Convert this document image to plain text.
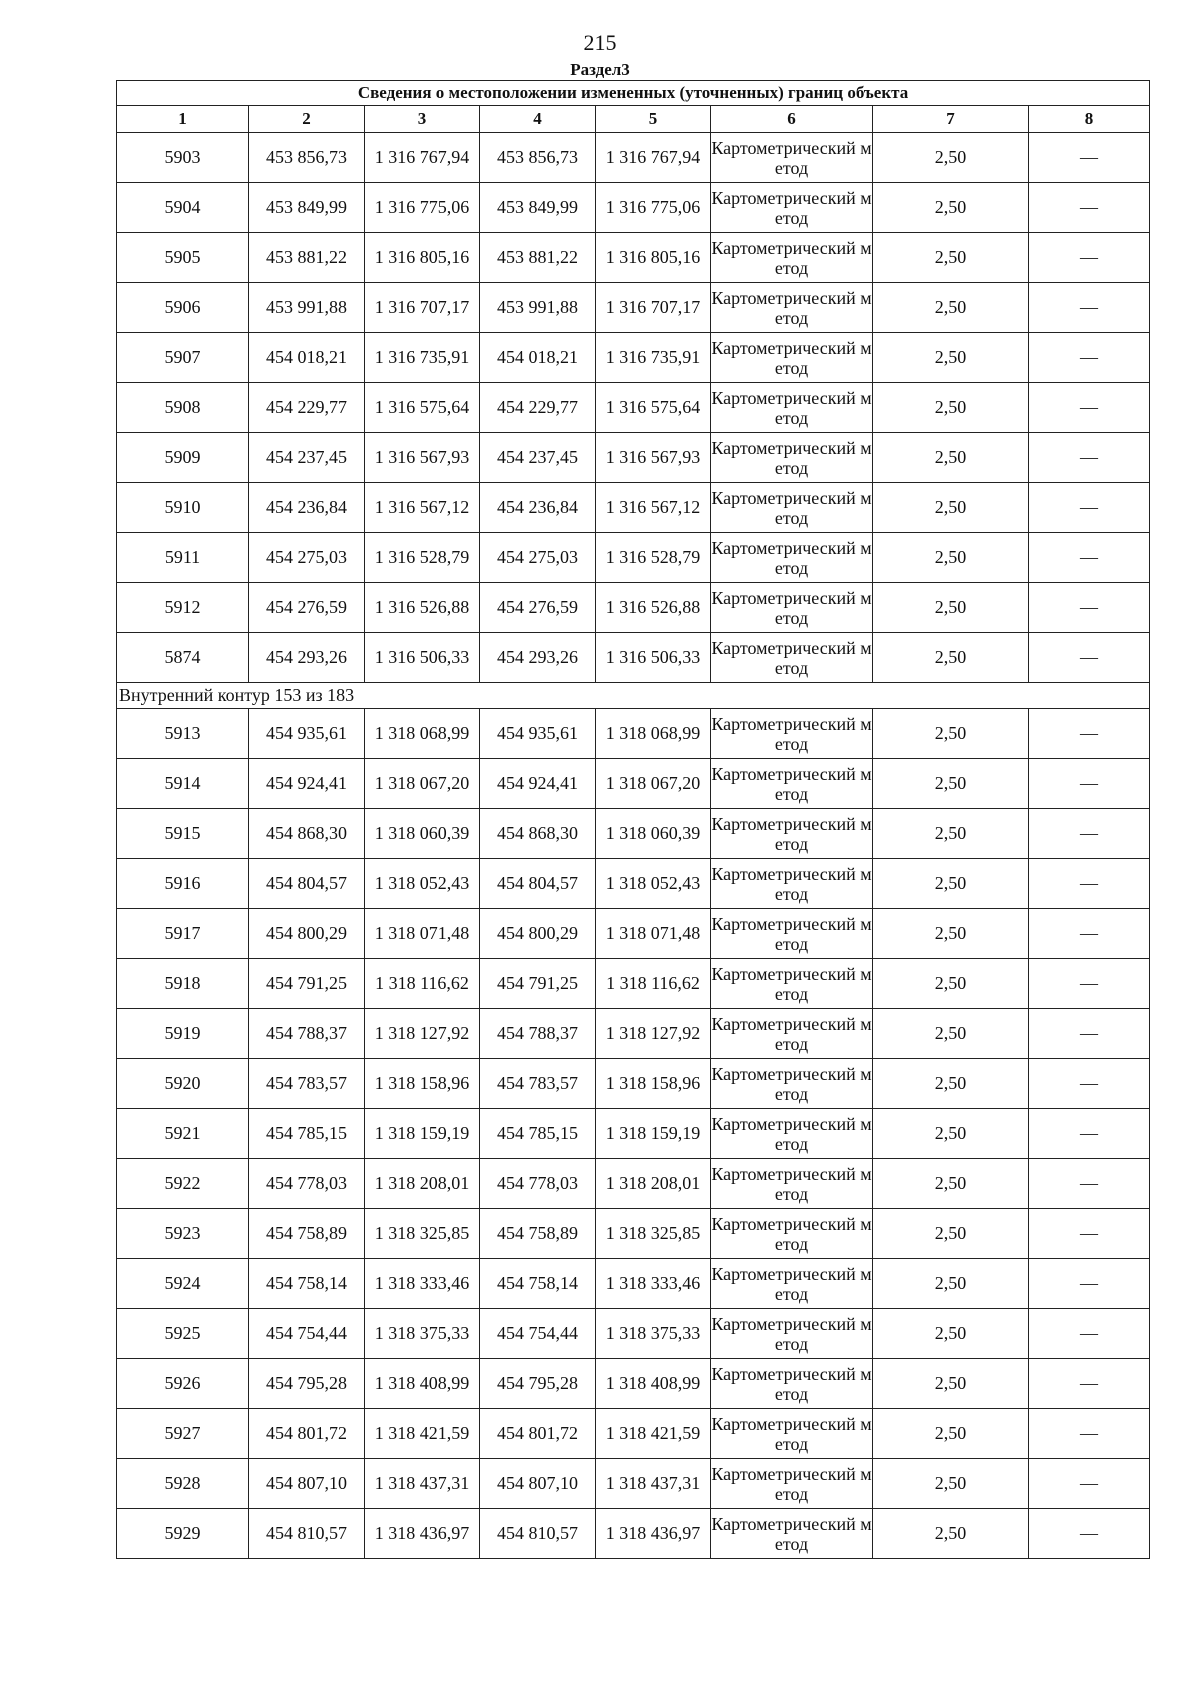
215
Раздел3
Сведения о местоположении измененных (уточненных) границ объекта							
1	2	3	4	5	6	7	8
5903	453 856,73	1 316 767,94	453 856,73	1 316 767,94	Картометрический метод	2,50	—
5904	453 849,99	1 316 775,06	453 849,99	1 316 775,06	Картометрический метод	2,50	—
5905	453 881,22	1 316 805,16	453 881,22	1 316 805,16	Картометрический метод	2,50	—
5906	453 991,88	1 316 707,17	453 991,88	1 316 707,17	Картометрический метод	2,50	—
5907	454 018,21	1 316 735,91	454 018,21	1 316 735,91	Картометрический метод	2,50	—
5908	454 229,77	1 316 575,64	454 229,77	1 316 575,64	Картометрический метод	2,50	—
5909	454 237,45	1 316 567,93	454 237,45	1 316 567,93	Картометрический метод	2,50	—
5910	454 236,84	1 316 567,12	454 236,84	1 316 567,12	Картометрический метод	2,50	—
5911	454 275,03	1 316 528,79	454 275,03	1 316 528,79	Картометрический метод	2,50	—
5912	454 276,59	1 316 526,88	454 276,59	1 316 526,88	Картометрический метод	2,50	—
5874	454 293,26	1 316 506,33	454 293,26	1 316 506,33	Картометрический метод	2,50	—
Внутренний контур 153 из 183							
5913	454 935,61	1 318 068,99	454 935,61	1 318 068,99	Картометрический метод	2,50	—
5914	454 924,41	1 318 067,20	454 924,41	1 318 067,20	Картометрический метод	2,50	—
5915	454 868,30	1 318 060,39	454 868,30	1 318 060,39	Картометрический метод	2,50	—
5916	454 804,57	1 318 052,43	454 804,57	1 318 052,43	Картометрический метод	2,50	—
5917	454 800,29	1 318 071,48	454 800,29	1 318 071,48	Картометрический метод	2,50	—
5918	454 791,25	1 318 116,62	454 791,25	1 318 116,62	Картометрический метод	2,50	—
5919	454 788,37	1 318 127,92	454 788,37	1 318 127,92	Картометрический метод	2,50	—
5920	454 783,57	1 318 158,96	454 783,57	1 318 158,96	Картометрический метод	2,50	—
5921	454 785,15	1 318 159,19	454 785,15	1 318 159,19	Картометрический метод	2,50	—
5922	454 778,03	1 318 208,01	454 778,03	1 318 208,01	Картометрический метод	2,50	—
5923	454 758,89	1 318 325,85	454 758,89	1 318 325,85	Картометрический метод	2,50	—
5924	454 758,14	1 318 333,46	454 758,14	1 318 333,46	Картометрический метод	2,50	—
5925	454 754,44	1 318 375,33	454 754,44	1 318 375,33	Картометрический метод	2,50	—
5926	454 795,28	1 318 408,99	454 795,28	1 318 408,99	Картометрический метод	2,50	—
5927	454 801,72	1 318 421,59	454 801,72	1 318 421,59	Картометрический метод	2,50	—
5928	454 807,10	1 318 437,31	454 807,10	1 318 437,31	Картометрический метод	2,50	—
5929	454 810,57	1 318 436,97	454 810,57	1 318 436,97	Картометрический метод	2,50	—
